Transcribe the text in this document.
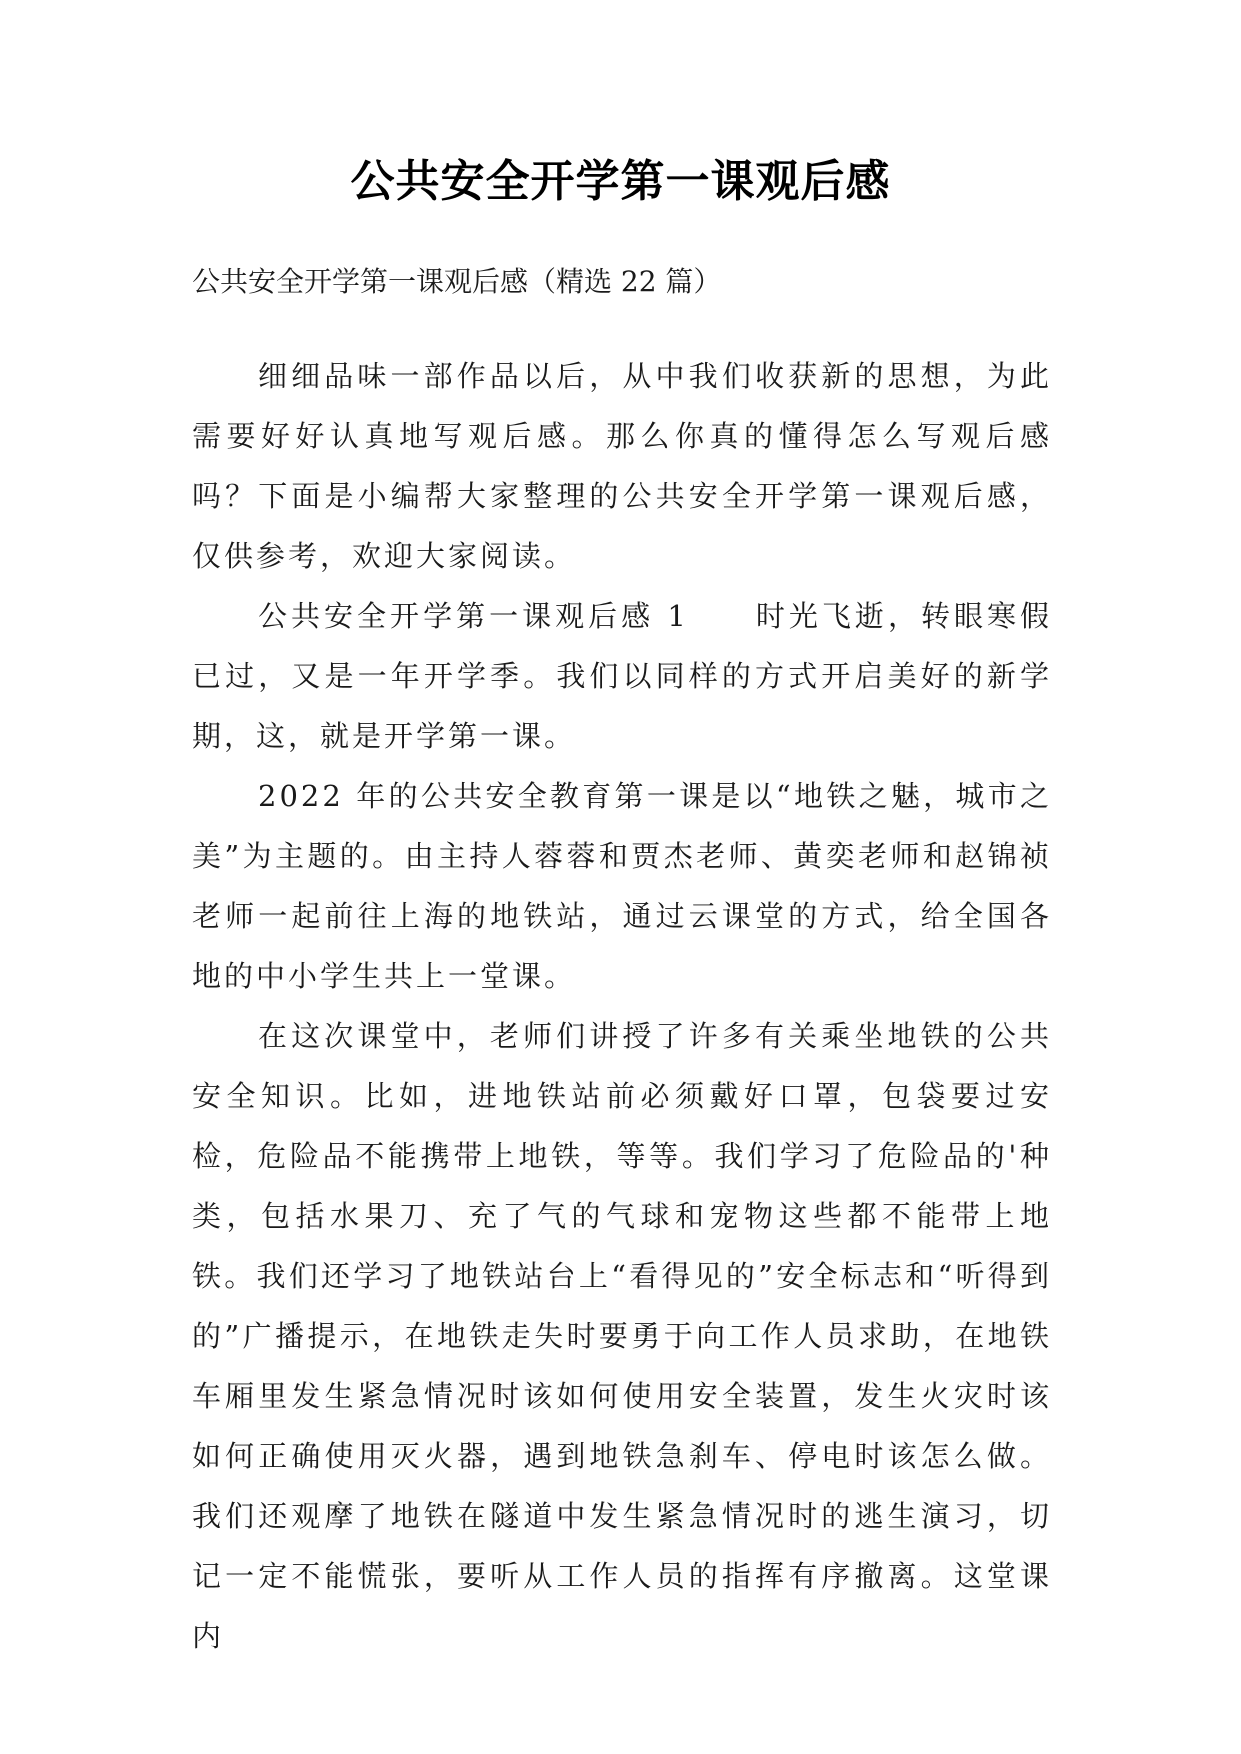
公共安全开学第一课观后感
公共安全开学第一课观后感（精选 22 篇）

细细品味一部作品以后，从中我们收获新的思想，为此需要好好认真地写观后感。那么你真的懂得怎么写观后感吗？下面是小编帮大家整理的公共安全开学第一课观后感，仅供参考，欢迎大家阅读。

公共安全开学第一课观后感 1　　时光飞逝，转眼寒假已过，又是一年开学季。我们以同样的方式开启美好的新学期，这，就是开学第一课。

2022 年的公共安全教育第一课是以“地铁之魅，城市之美”为主题的。由主持人蓉蓉和贾杰老师、黄奕老师和赵锦祯老师一起前往上海的地铁站，通过云课堂的方式，给全国各地的中小学生共上一堂课。

在这次课堂中，老师们讲授了许多有关乘坐地铁的公共安全知识。比如，进地铁站前必须戴好口罩，包袋要过安检，危险品不能携带上地铁，等等。我们学习了危险品的'种类，包括水果刀、充了气的气球和宠物这些都不能带上地铁。我们还学习了地铁站台上“看得见的”安全标志和“听得到的”广播提示，在地铁走失时要勇于向工作人员求助，在地铁车厢里发生紧急情况时该如何使用安全装置，发生火灾时该如何正确使用灭火器，遇到地铁急刹车、停电时该怎么做。我们还观摩了地铁在隧道中发生紧急情况时的逃生演习，切记一定不能慌张，要听从工作人员的指挥有序撤离。这堂课内
